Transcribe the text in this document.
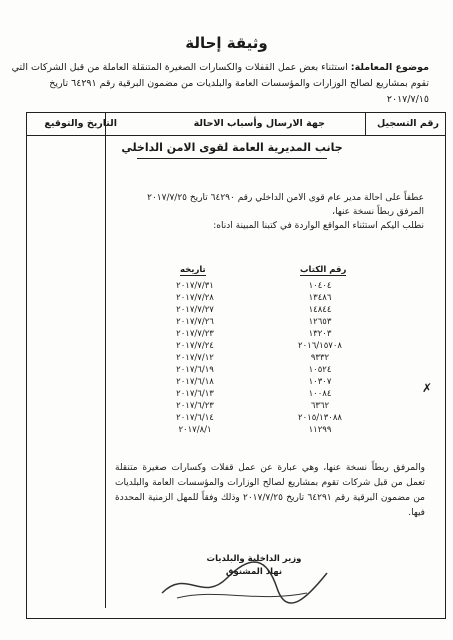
وثيقة إحالة
موضوع المعاملة: استثناء بعض عمل القفلات والكسارات الصغيرة المتنقلة العاملة من قبل الشركات التي تقوم بمشاريع لصالح الوزارات والمؤسسات العامة والبلديات من مضمون البرقية رقم ٦٤٢٩١ تاريخ ٢٠١٧/٧/١٥
رقم التسجيل
جهة الارسال وأسباب الاحالة
التاريخ والتوقيع
جانب المديرية العامة لقوى الامن الداخلي
عطفاً على احالة مدير عام قوى الامن الداخلي رقم ٦٤٢٩٠ تاريخ ٢٠١٧/٧/٢٥ المرفق ربطاً نسخة عنها،
نطلب اليكم استثناء المواقع الواردة في كتبنا المبينة ادناه:
رقم الكتاب
تاريخه
٢٠١٧/٧/٣١	١٠٤٠٤
٢٠١٧/٧/٢٨	١٣٤٨٦
٢٠١٧/٧/٢٧	١٤٨٤٤
٢٠١٧/٧/٢٦	١٢٦٥٣
٢٠١٧/٧/٢٣	١٣٢٠٣
٢٠١٧/٧/٢٤	٢٠١٦/١٥٧٠٨
٢٠١٧/٧/١٢	٩٣٣٢
٢٠١٧/٦/١٩	١٠٥٢٤
٢٠١٧/٦/١٨	١٠٣٠٧
٢٠١٧/٦/١٣	١٠٠٨٤
٢٠١٧/٦/٢٣	٦٣٦٢
٢٠١٧/٦/١٤	٢٠١٥/١٣٠٨٨
٢٠١٧/٨/١	١١٢٩٩
✗
والمرفق ربطاً نسخة عنها، وهي عبارة عن عمل قفلات وكسارات صغيرة متنقلة تعمل من قبل شركات تقوم بمشاريع لصالح الوزارات والمؤسسات العامة والبلديات من مضمون البرقية رقم ٦٤٢٩١ تاريخ ٢٠١٧/٧/٢٥ وذلك وفقاً للمهل الزمنية المحددة فيها.
وزير الداخلية والبلديات
نهاد المشنوق
